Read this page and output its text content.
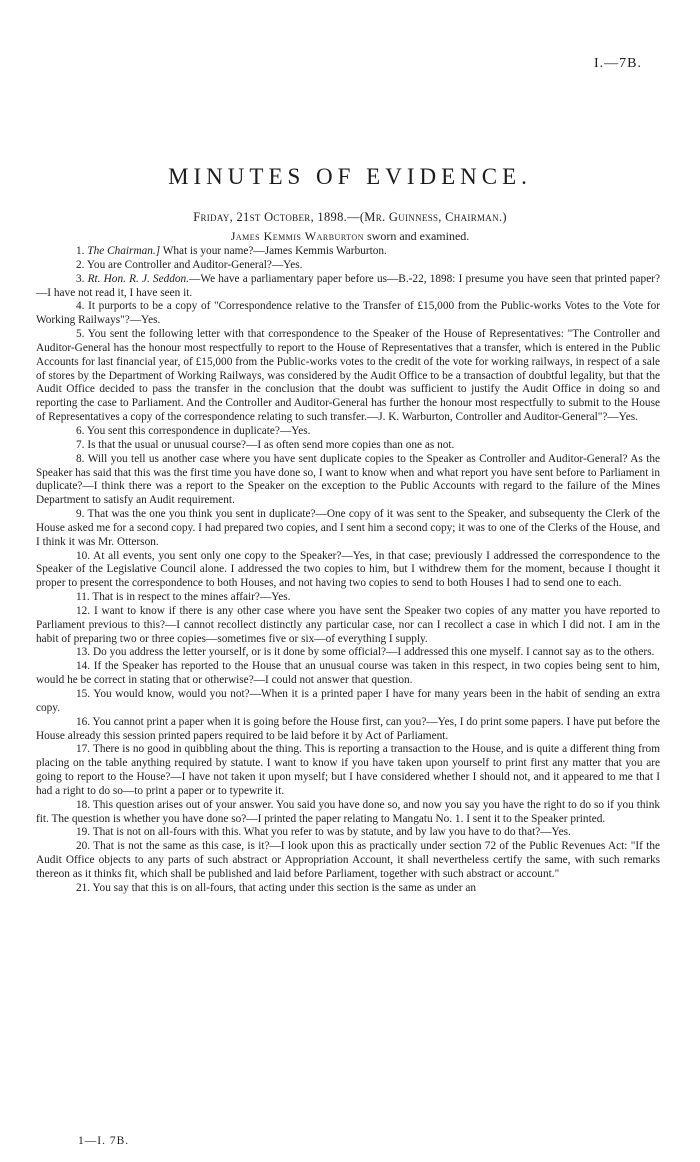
I.—7B.
MINUTES OF EVIDENCE.
Friday, 21st October, 1898.—(Mr. Guinness, Chairman.)
James Kemmis Warburton sworn and examined.

1. The Chairman.] What is your name?—James Kemmis Warburton.

2. You are Controller and Auditor-General?—Yes.

3. Rt. Hon. R. J. Seddon.—We have a parliamentary paper before us—B.-22, 1898: I presume you have seen that printed paper?—I have not read it, I have seen it.

4. It purports to be a copy of "Correspondence relative to the Transfer of £15,000 from the Public-works Votes to the Vote for Working Railways"?—Yes.

5. You sent the following letter with that correspondence to the Speaker of the House of Representatives: "The Controller and Auditor-General has the honour most respectfully to report to the House of Representatives that a transfer, which is entered in the Public Accounts for last financial year, of £15,000 from the Public-works votes to the credit of the vote for working railways, in respect of a sale of stores by the Department of Working Railways, was considered by the Audit Office to be a transaction of doubtful legality, but that the Audit Office decided to pass the transfer in the conclusion that the doubt was sufficient to justify the Audit Office in doing so and reporting the case to Parliament. And the Controller and Auditor-General has further the honour most respectfully to submit to the House of Representatives a copy of the correspondence relating to such transfer.—J. K. Warburton, Controller and Auditor-General"?—Yes.

6. You sent this correspondence in duplicate?—Yes.

7. Is that the usual or unusual course?—I as often send more copies than one as not.

8. Will you tell us another case where you have sent duplicate copies to the Speaker as Controller and Auditor-General? As the Speaker has said that this was the first time you have done so, I want to know when and what report you have sent before to Parliament in duplicate?—I think there was a report to the Speaker on the exception to the Public Accounts with regard to the failure of the Mines Department to satisfy an Audit requirement.

9. That was the one you think you sent in duplicate?—One copy of it was sent to the Speaker, and subsequenty the Clerk of the House asked me for a second copy. I had prepared two copies, and I sent him a second copy; it was to one of the Clerks of the House, and I think it was Mr. Otterson.

10. At all events, you sent only one copy to the Speaker?—Yes, in that case; previously I addressed the correspondence to the Speaker of the Legislative Council alone. I addressed the two copies to him, but I withdrew them for the moment, because I thought it proper to present the correspondence to both Houses, and not having two copies to send to both Houses I had to send one to each.

11. That is in respect to the mines affair?—Yes.

12. I want to know if there is any other case where you have sent the Speaker two copies of any matter you have reported to Parliament previous to this?—I cannot recollect distinctly any particular case, nor can I recollect a case in which I did not. I am in the habit of preparing two or three copies—sometimes five or six—of everything I supply.

13. Do you address the letter yourself, or is it done by some official?—I addressed this one myself. I cannot say as to the others.

14. If the Speaker has reported to the House that an unusual course was taken in this respect, in two copies being sent to him, would he be correct in stating that or otherwise?—I could not answer that question.

15. You would know, would you not?—When it is a printed paper I have for many years been in the habit of sending an extra copy.

16. You cannot print a paper when it is going before the House first, can you?—Yes, I do print some papers. I have put before the House already this session printed papers required to be laid before it by Act of Parliament.

17. There is no good in quibbling about the thing. This is reporting a transaction to the House, and is quite a different thing from placing on the table anything required by statute. I want to know if you have taken upon yourself to print first any matter that you are going to report to the House?—I have not taken it upon myself; but I have considered whether I should not, and it appeared to me that I had a right to do so—to print a paper or to typewrite it.

18. This question arises out of your answer. You said you have done so, and now you say you have the right to do so if you think fit. The question is whether you have done so?—I printed the paper relating to Mangatu No. 1. I sent it to the Speaker printed.

19. That is not on all-fours with this. What you refer to was by statute, and by law you have to do that?—Yes.

20. That is not the same as this case, is it?—I look upon this as practically under section 72 of the Public Revenues Act: "If the Audit Office objects to any parts of such abstract or Appropriation Account, it shall nevertheless certify the same, with such remarks thereon as it thinks fit, which shall be published and laid before Parliament, together with such abstract or account."

21. You say that this is on all-fours, that acting under this section is the same as under an

1—I. 7B.
